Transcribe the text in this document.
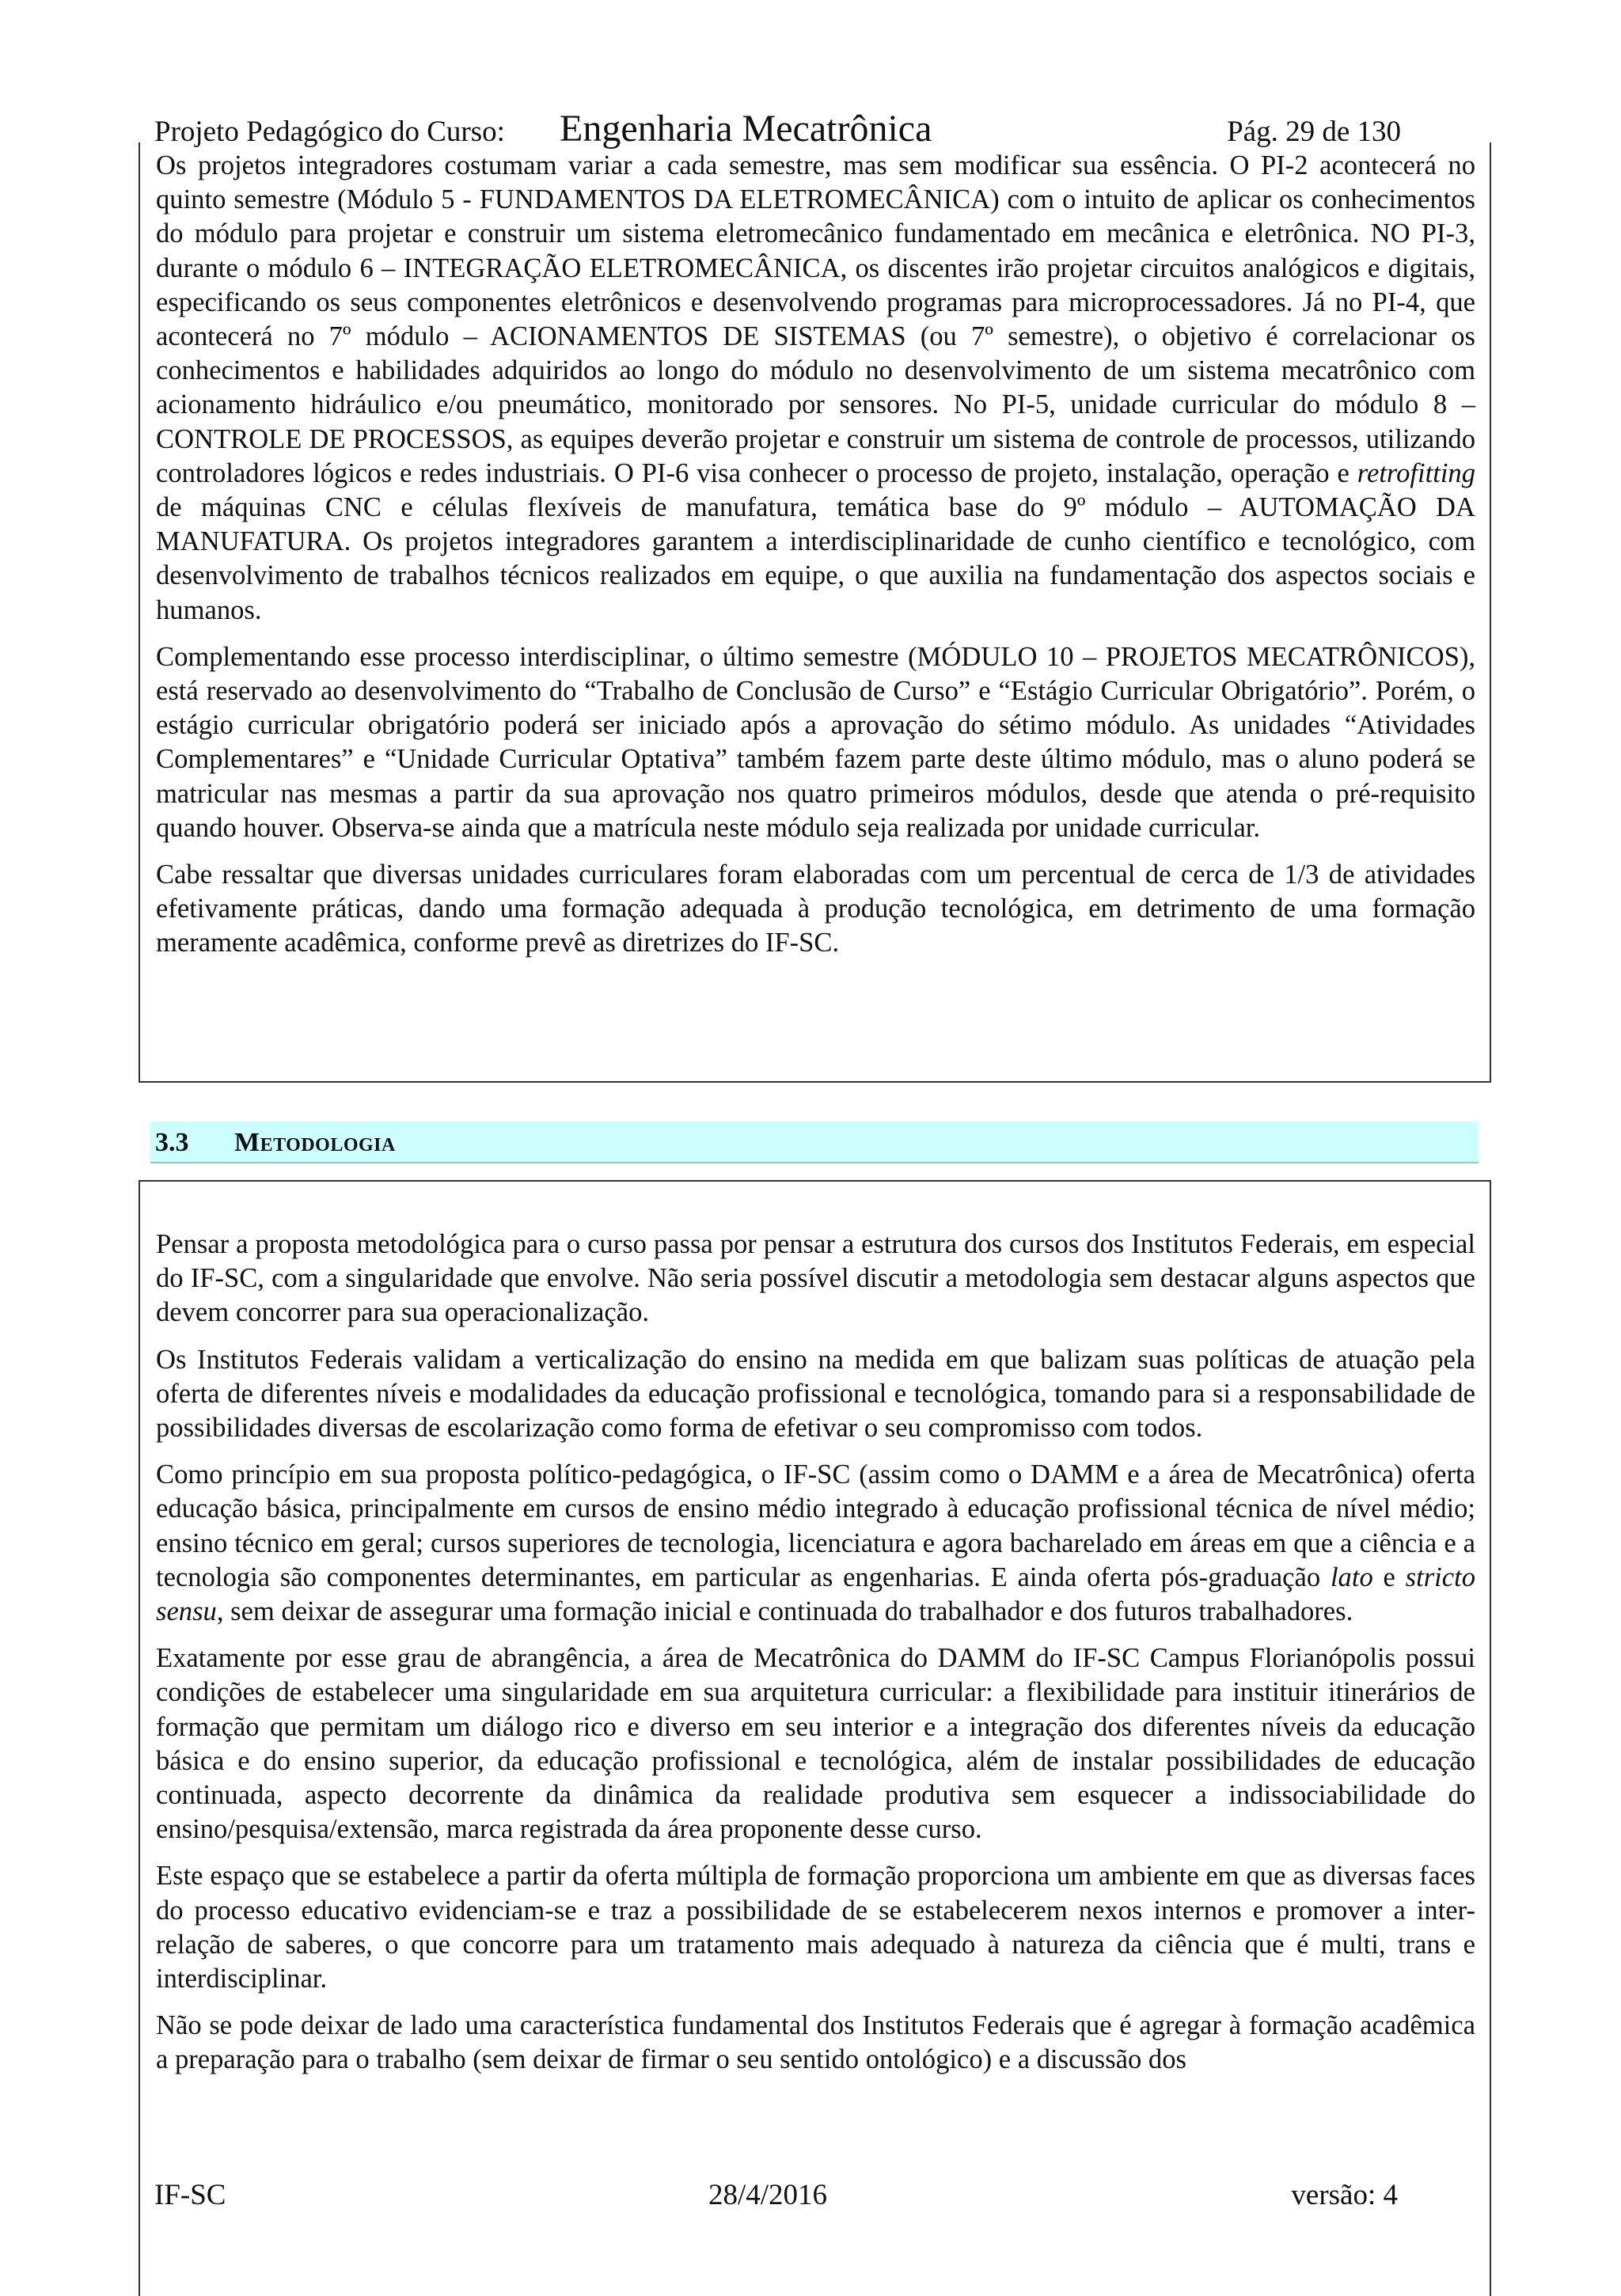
Projeto Pedagógico do Curso: Engenharia Mecatrônica	Pág. 29 de 130

Os projetos integradores costumam variar a cada semestre, mas sem modificar sua essência. O PI-2 acontecerá no quinto semestre (Módulo 5 - FUNDAMENTOS DA ELETROMECÂNICA) com o intuito de aplicar os conhecimentos do módulo para projetar e construir um sistema eletromecânico fundamentado em mecânica e eletrônica. NO PI-3, durante o módulo 6 – INTEGRAÇÃO ELETROMECÂNICA, os discentes irão projetar circuitos analógicos e digitais, especificando os seus componentes eletrônicos e desenvolvendo programas para microprocessadores. Já no PI-4, que acontecerá no 7º módulo – ACIONAMENTOS DE SISTEMAS (ou 7º semestre), o objetivo é correlacionar os conhecimentos e habilidades adquiridos ao longo do módulo no desenvolvimento de um sistema mecatrônico com acionamento hidráulico e/ou pneumático, monitorado por sensores. No PI-5, unidade curricular do módulo 8 – CONTROLE DE PROCESSOS, as equipes deverão projetar e construir um sistema de controle de processos, utilizando controladores lógicos e redes industriais. O PI-6 visa conhecer o processo de projeto, instalação, operação e retrofitting de máquinas CNC e células flexíveis de manufatura, temática base do 9º módulo – AUTOMAÇÃO DA MANUFATURA. Os projetos integradores garantem a interdisciplinaridade de cunho científico e tecnológico, com desenvolvimento de trabalhos técnicos realizados em equipe, o que auxilia na fundamentação dos aspectos sociais e humanos.

Complementando esse processo interdisciplinar, o último semestre (MÓDULO 10 – PROJETOS MECATRÔNICOS), está reservado ao desenvolvimento do “Trabalho de Conclusão de Curso” e “Estágio Curricular Obrigatório”. Porém, o estágio curricular obrigatório poderá ser iniciado após a aprovação do sétimo módulo. As unidades “Atividades Complementares” e “Unidade Curricular Optativa” também fazem parte deste último módulo, mas o aluno poderá se matricular nas mesmas a partir da sua aprovação nos quatro primeiros módulos, desde que atenda o pré-requisito quando houver. Observa-se ainda que a matrícula neste módulo seja realizada por unidade curricular.

Cabe ressaltar que diversas unidades curriculares foram elaboradas com um percentual de cerca de 1/3 de atividades efetivamente práticas, dando uma formação adequada à produção tecnológica, em detrimento de uma formação meramente acadêmica, conforme prevê as diretrizes do IF-SC.

3.3 Metodologia

Pensar a proposta metodológica para o curso passa por pensar a estrutura dos cursos dos Institutos Federais, em especial do IF-SC, com a singularidade que envolve. Não seria possível discutir a metodologia sem destacar alguns aspectos que devem concorrer para sua operacionalização.

Os Institutos Federais validam a verticalização do ensino na medida em que balizam suas políticas de atuação pela oferta de diferentes níveis e modalidades da educação profissional e tecnológica, tomando para si a responsabilidade de possibilidades diversas de escolarização como forma de efetivar o seu compromisso com todos.

Como princípio em sua proposta político-pedagógica, o IF-SC (assim como o DAMM e a área de Mecatrônica) oferta educação básica, principalmente em cursos de ensino médio integrado à educação profissional técnica de nível médio; ensino técnico em geral; cursos superiores de tecnologia, licenciatura e agora bacharelado em áreas em que a ciência e a tecnologia são componentes determinantes, em particular as engenharias. E ainda oferta pós-graduação lato e stricto sensu, sem deixar de assegurar uma formação inicial e continuada do trabalhador e dos futuros trabalhadores.

Exatamente por esse grau de abrangência, a área de Mecatrônica do DAMM do IF-SC Campus Florianópolis possui condições de estabelecer uma singularidade em sua arquitetura curricular: a flexibilidade para instituir itinerários de formação que permitam um diálogo rico e diverso em seu interior e a integração dos diferentes níveis da educação básica e do ensino superior, da educação profissional e tecnológica, além de instalar possibilidades de educação continuada, aspecto decorrente da dinâmica da realidade produtiva sem esquecer a indissociabilidade do ensino/pesquisa/extensão, marca registrada da área proponente desse curso.

Este espaço que se estabelece a partir da oferta múltipla de formação proporciona um ambiente em que as diversas faces do processo educativo evidenciam-se e traz a possibilidade de se estabelecerem nexos internos e promover a inter-relação de saberes, o que concorre para um tratamento mais adequado à natureza da ciência que é multi, trans e interdisciplinar.

Não se pode deixar de lado uma característica fundamental dos Institutos Federais que é agregar à formação acadêmica a preparação para o trabalho (sem deixar de firmar o seu sentido ontológico) e a discussão dos

IF-SC	28/4/2016	versão: 4
